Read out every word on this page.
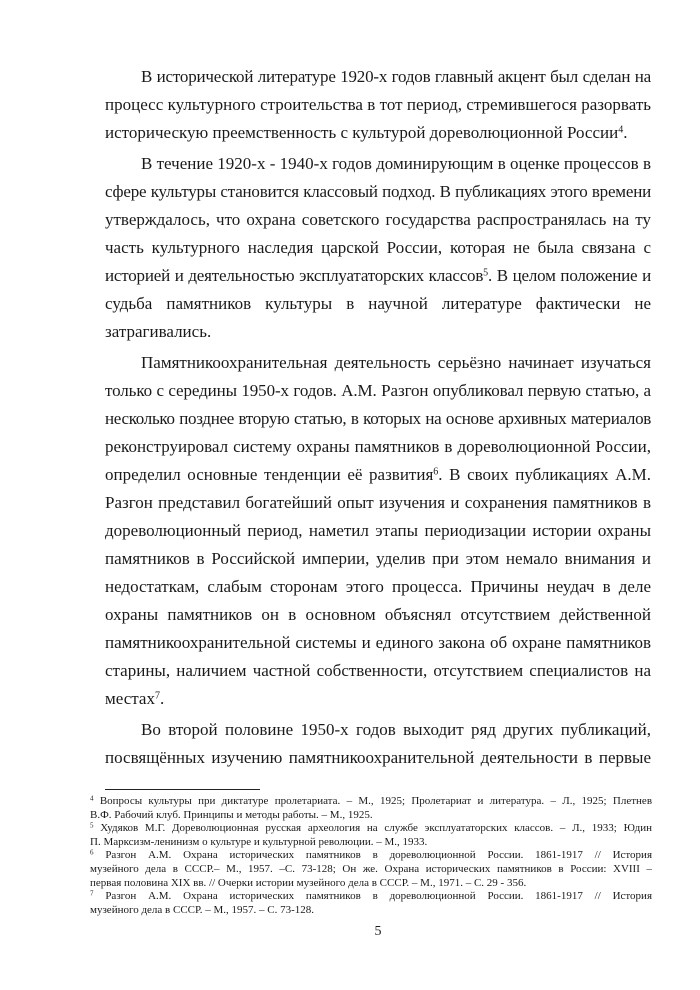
В исторической литературе 1920-х годов главный акцент был сделан на
процесс культурного строительства в тот период, стремившегося разорвать
историческую преемственность с культурой дореволюционной России$^4$.
В течение 1920-х - 1940-х годов доминирующим в оценке процессов в
сфере культуры становится классовый подход. В публикациях этого времени
утверждалось, что охрана советского государства распространялась на ту
часть культурного наследия царской России, которая не была связана с
историей и деятельностью эксплуататорских классов$^5$. В целом положение и
судьба памятников культуры в научной литературе фактически не
затрагивались.
Памятникоохранительная деятельность серьёзно начинает изучаться
только с середины 1950-х годов. А.М. Разгон опубликовал первую статью, а
несколько позднее вторую статью, в которых на основе архивных материалов
реконструировал систему охраны памятников в дореволюционной России,
определил основные тенденции её развития$^6$. В своих публикациях А.М.
Разгон представил богатейший опыт изучения и сохранения памятников в
дореволюционный период, наметил этапы периодизации истории охраны
памятников в Российской империи, уделив при этом немало внимания и
недостаткам, слабым сторонам этого процесса. Причины неудач в деле
охраны памятников он в основном объяснял отсутствием действенной
памятникоохранительной системы и единого закона об охране памятников
старины, наличием частной собственности, отсутствием специалистов на
местах$^7$.
Во второй половине 1950-х годов выходит ряд других публикаций,
посвящённых изучению памятникоохранительной деятельности в первые
$^4$ Вопросы культуры при диктатуре пролетариата. – М., 1925; Пролетариат и литература. – Л., 1925; Плетнев
В.Ф. Рабочий клуб. Принципы и методы работы. – М., 1925.
$^5$ Худяков М.Г. Дореволюционная русская археология на службе эксплуататорских классов. – Л., 1933; Юдин
П. Марксизм-ленинизм о культуре и культурной революции. – М., 1933.
$^6$ Разгон А.М. Охрана исторических памятников в дореволюционной России. 1861-1917 // История
музейного дела в СССР.– М., 1957. –С. 73-128; Он же. Охрана исторических памятников в России: XVIII –
первая половина XIX вв. // Очерки истории музейного дела в СССР. – М., 1971. – С. 29 - 356.
$^7$ Разгон А.М. Охрана исторических памятников в дореволюционной России. 1861-1917 // История
музейного дела в СССР. – М., 1957. – С. 73-128.
5
